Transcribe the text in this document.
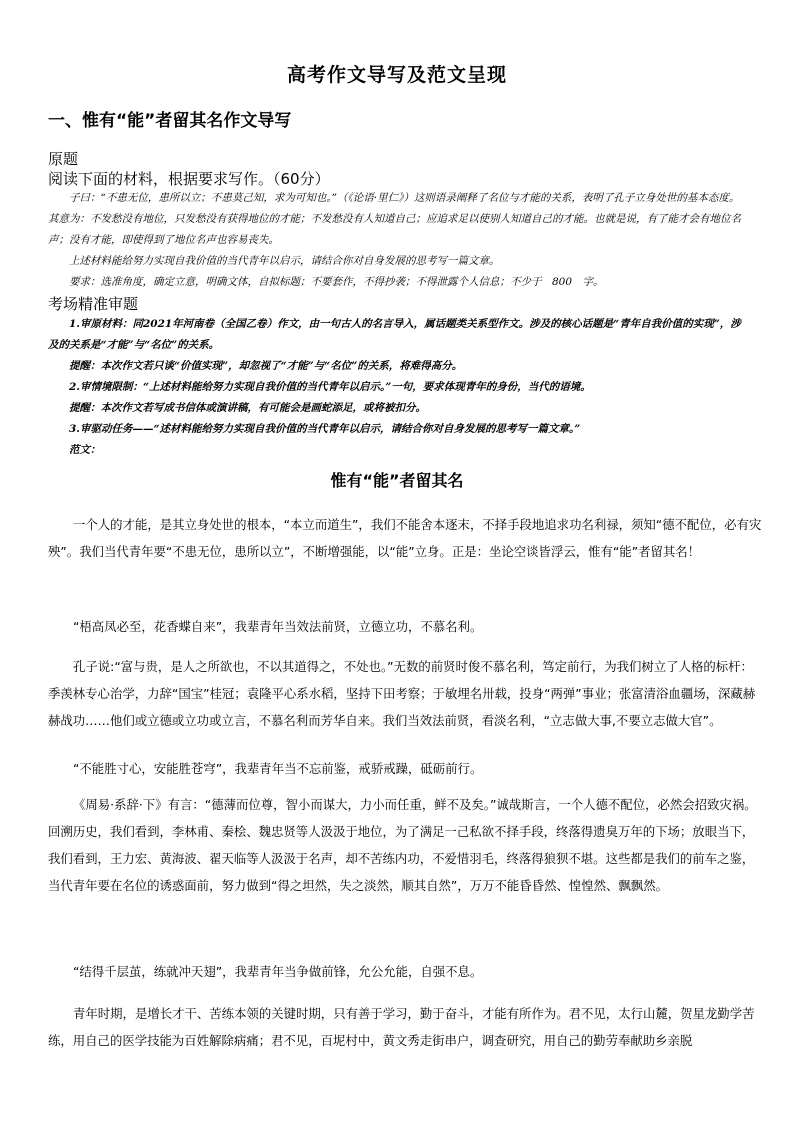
高考作文导写及范文呈现
一、惟有“能”者留其名作文导写
原题
阅读下面的材料，根据要求写作。（60分）

子曰：“不患无位，患所以立；不患莫己知，求为可知也。”（《论语·里仁》）这则语录阐释了名位与才能的关系，表明了孔子立身处世的基本态度。其意为：不发愁没有地位，只发愁没有获得地位的才能；不发愁没有人知道自己；应追求足以使别人知道自己的才能。也就是说，有了能才会有地位名声；没有才能，即使得到了地位名声也容易丧失。

上述材料能给努力实现自我价值的当代青年以启示，请结合你对自身发展的思考写一篇文章。

要求：选准角度，确定立意，明确文体，自拟标题；不要套作，不得抄袭；不得泄露个人信息；不少于　800　字。

考场精准审题

1.审原材料：同2021年河南卷（全国乙卷）作文，由一句古人的名言导入，属话题类关系型作文。涉及的核心话题是“青年自我价值的实现”，涉及的关系是“才能”与“名位”的关系。

提醒：本次作文若只谈“价值实现”，却忽视了“才能”与“名位”的关系，将难得高分。

2.审情境限制：“上述材料能给努力实现自我价值的当代青年以启示。”一句，要求体现青年的身份，当代的语境。

提醒：本次作文若写成书信体或演讲稿，有可能会是画蛇添足，或将被扣分。

3.审驱动任务——“述材料能给努力实现自我价值的当代青年以启示，请结合你对自身发展的思考写一篇文章。”

范文：

惟有“能”者留其名

一个人的才能，是其立身处世的根本，“本立而道生”，我们不能舍本逐末，不择手段地追求功名利禄，须知“德不配位，必有灾殃”。我们当代青年要“不患无位，患所以立”，不断增强能，以“能”立身。正是：坐论空谈皆浮云，惟有“能”者留其名！

“梧高凤必至，花香蝶自来”，我辈青年当效法前贤，立德立功，不慕名利。

孔子说:“富与贵，是人之所欲也，不以其道得之，不处也。”无数的前贤时俊不慕名利，笃定前行，为我们树立了人格的标杆：季羡林专心治学，力辞“国宝”桂冠；袁隆平心系水稻，坚持下田考察；于敏埋名卅载，投身“两弹”事业；张富清浴血疆场，深藏赫赫战功……他们或立德或立功或立言，不慕名利而芳华自来。我们当效法前贤，看淡名利，“立志做大事,不要立志做大官”。

“不能胜寸心，安能胜苍穹”，我辈青年当不忘前鉴，戒骄戒躁，砥砺前行。

《周易·系辞·下》有言：“德薄而位尊，智小而谋大，力小而任重，鲜不及矣。”诚哉斯言，一个人德不配位，必然会招致灾祸。回溯历史，我们看到，李林甫、秦桧、魏忠贤等人汲汲于地位，为了满足一己私欲不择手段，终落得遗臭万年的下场；放眼当下，我们看到，王力宏、黄海波、翟天临等人汲汲于名声，却不苦练内功，不爱惜羽毛，终落得狼狈不堪。这些都是我们的前车之鉴，当代青年要在名位的诱惑面前，努力做到“得之坦然，失之淡然，顺其自然”，万万不能昏昏然、惶惶然、飘飘然。

“结得千层茧，练就冲天翅”，我辈青年当争做前锋，允公允能，自强不息。

青年时期，是增长才干、苦练本领的关键时期，只有善于学习，勤于奋斗，才能有所作为。君不见，太行山麓，贺星龙勤学苦练，用自己的医学技能为百姓解除病痛；君不见，百坭村中，黄文秀走街串户，调查研究，用自己的勤劳奉献助乡亲脱
